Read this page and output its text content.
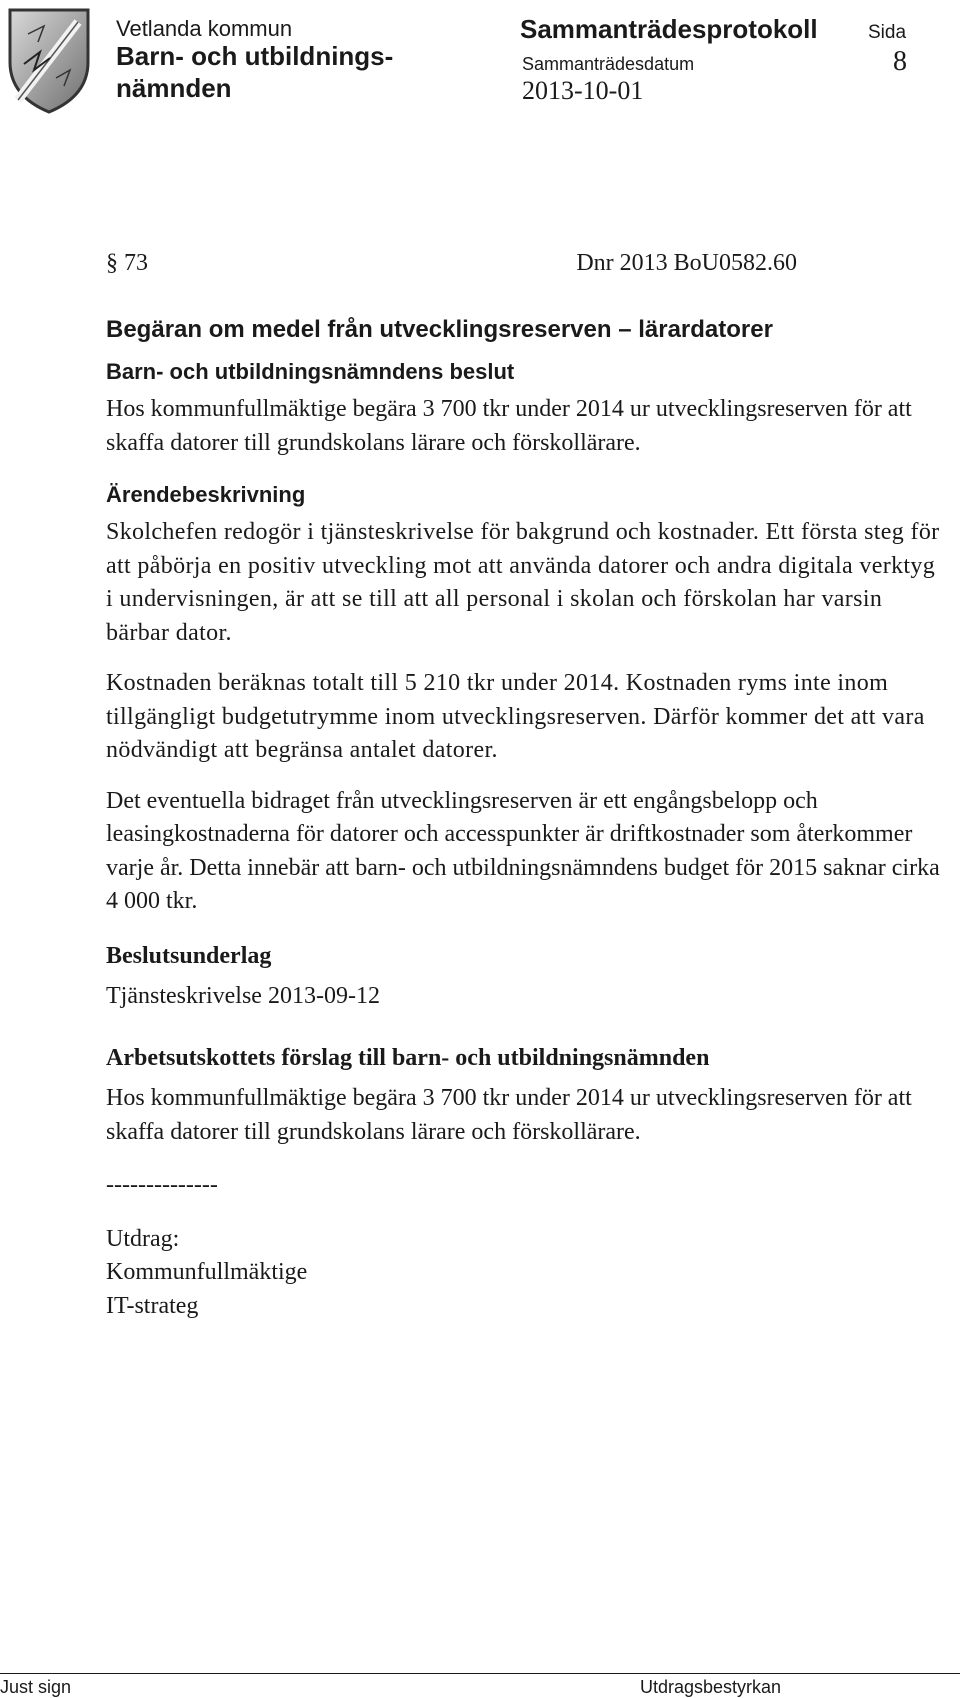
Vetlanda kommun
Barn- och utbildnings- nämnden
Sammanträdesprotokoll	Sida
Sammanträdesdatum	8
2013-10-01
§ 73	Dnr 2013 BoU0582.60
Begäran om medel från utvecklingsreserven – lärardatorer
Barn- och utbildningsnämndens beslut

Hos kommunfullmäktige begära 3 700 tkr under 2014 ur utvecklingsreserven för att skaffa datorer till grundskolans lärare och förskollärare.

Ärendebeskrivning

Skolchefen redogör i tjänsteskrivelse för bakgrund och kostnader. Ett första steg för att påbörja en positiv utveckling mot att använda datorer och andra digitala verktyg i undervisningen, är att se till att all personal i skolan och förskolan har varsin bärbar dator.

Kostnaden beräknas totalt till 5 210 tkr under 2014. Kostnaden ryms inte inom tillgängligt budgetutrymme inom utvecklingsreserven. Därför kommer det att vara nödvändigt att begränsa antalet datorer.

Det eventuella bidraget från utvecklingsreserven är ett engångsbelopp och leasingkostnaderna för datorer och accesspunkter är driftkostnader som återkommer varje år. Detta innebär att barn- och utbildningsnämndens budget för 2015 saknar cirka 4 000 tkr.

Beslutsunderlag

Tjänsteskrivelse 2013-09-12

Arbetsutskottets förslag till barn- och utbildningsnämnden

Hos kommunfullmäktige begära 3 700 tkr under 2014 ur utvecklingsreserven för att skaffa datorer till grundskolans lärare och förskollärare.

--------------

Utdrag:

Kommunfullmäktige

IT-strateg

Just sign	Utdragsbestyrkan
